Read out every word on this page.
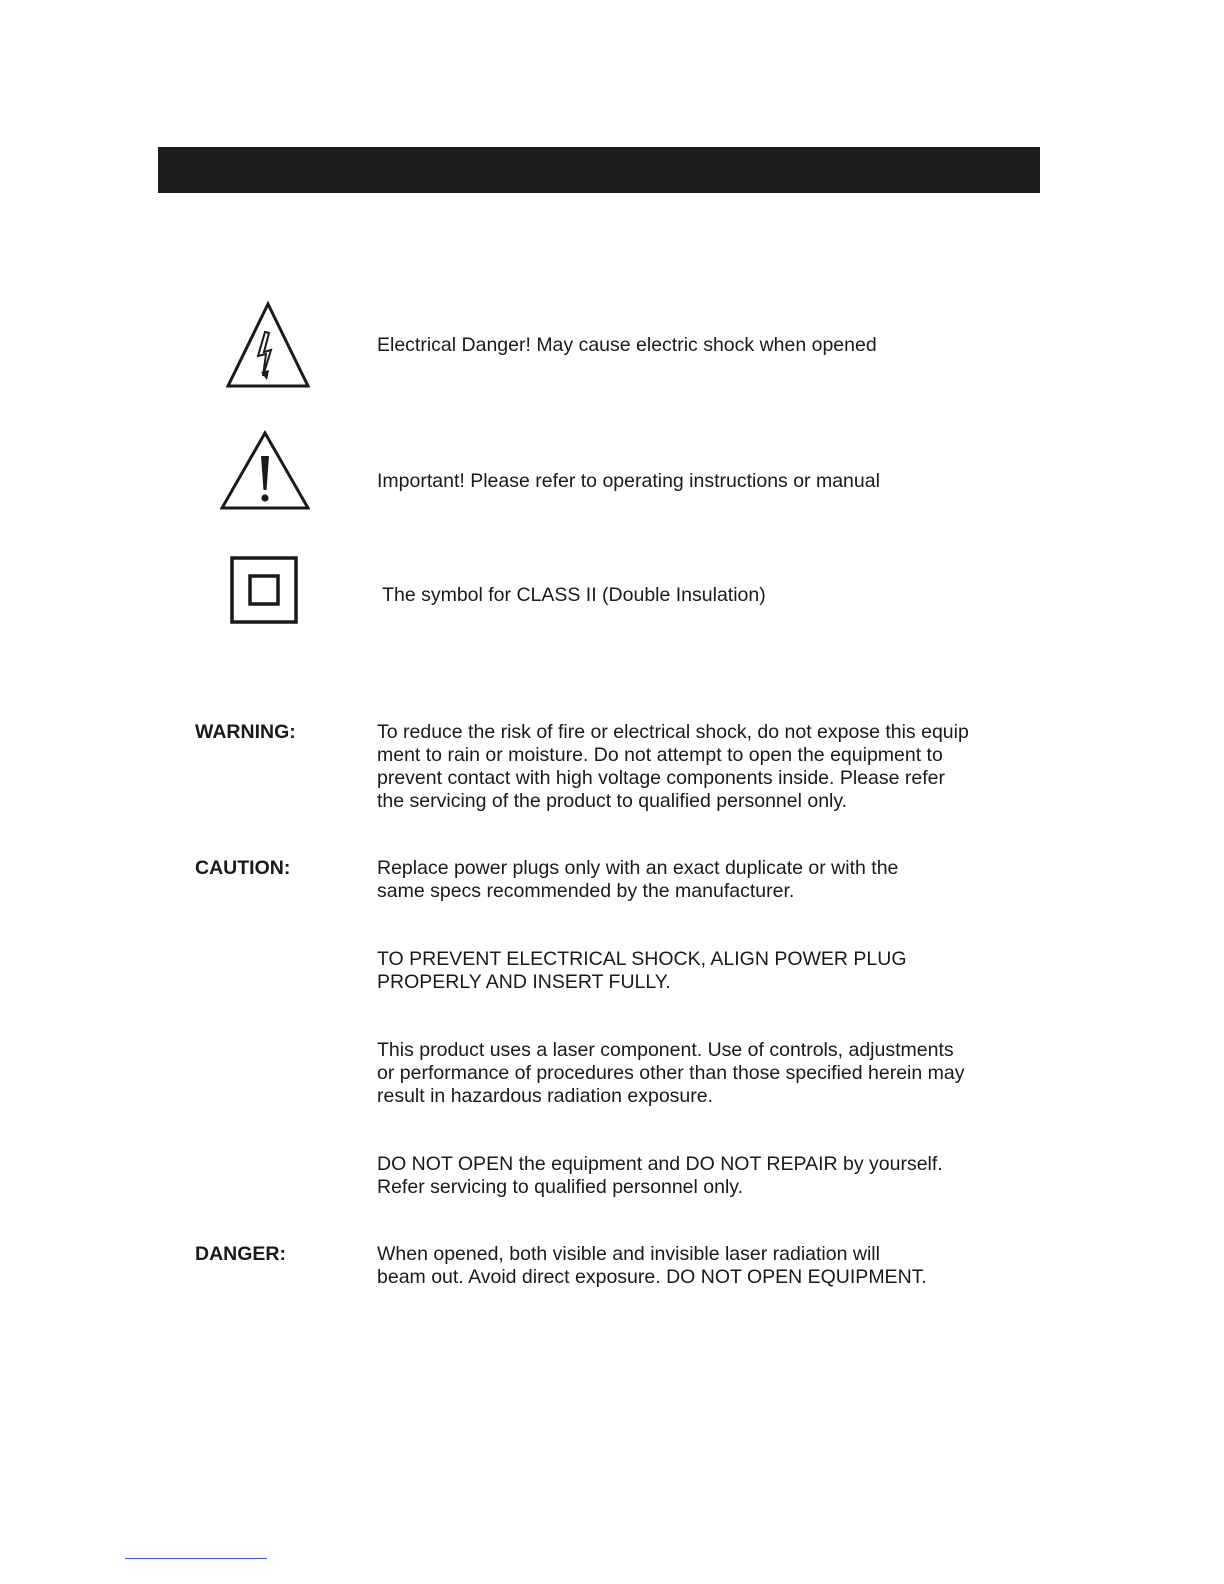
Electrical Danger! May cause electric shock when opened
Important! Please refer to operating instructions or manual
The symbol for CLASS II (Double Insulation)
WARNING:	To reduce the risk of fire or electrical shock, do not expose this equip
ment to rain or moisture. Do not attempt to open the equipment to
prevent contact with high voltage components inside. Please refer
the servicing of the product to qualified personnel only.
CAUTION:	Replace power plugs only with an exact duplicate or with the
same specs recommended by the manufacturer.
TO PREVENT ELECTRICAL SHOCK, ALIGN POWER PLUG
PROPERLY AND INSERT FULLY.
This product uses a laser component. Use of controls, adjustments
or performance of procedures other than those specified herein may
result in hazardous radiation exposure.
DO NOT OPEN the equipment and DO NOT REPAIR by yourself.
Refer servicing to qualified personnel only.
DANGER:	When opened, both visible and invisible laser radiation will
beam out. Avoid direct exposure. DO NOT OPEN EQUIPMENT.
